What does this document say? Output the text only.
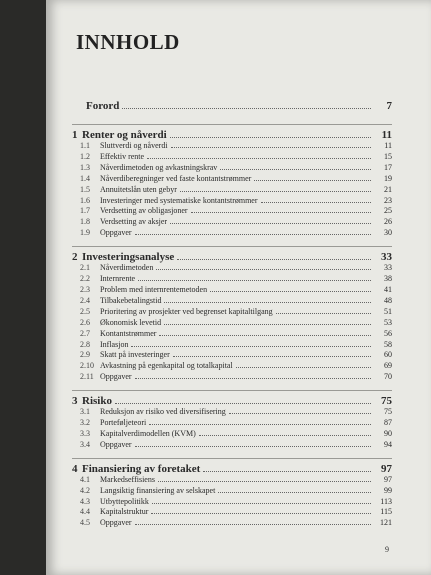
INNHOLD
Forord	7
1 Renter og nåverdi	11
1.1	Sluttverdi og nåverdi	11
1.2	Effektiv rente	15
1.3	Nåverdimetoden og avkastningskrav	17
1.4	Nåverdiberegninger ved faste kontantstrømmer	19
1.5	Annuitetslån uten gebyr	21
1.6	Investeringer med systematiske kontantstrømmer	23
1.7	Verdsetting av obligasjoner	25
1.8	Verdsetting av aksjer	26
1.9	Oppgaver	30
2 Investeringsanalyse	33
2.1	Nåverdimetoden	33
2.2	Internrente	38
2.3	Problem med internrentemetoden	41
2.4	Tilbakebetalingstid	48
2.5	Prioritering av prosjekter ved begrenset kapitaltilgang	51
2.6	Økonomisk levetid	53
2.7	Kontantstrømmer	56
2.8	Inflasjon	58
2.9	Skatt på investeringer	60
2.10 Avkastning på egenkapital og totalkapital	69
2.11 Oppgaver	70
3 Risiko	75
3.1	Reduksjon av risiko ved diversifisering	75
3.2	Porteføljeteori	87
3.3	Kapitalverdimodellen (KVM)	90
3.4	Oppgaver	94
4 Finansiering av foretaket	97
4.1	Markedseffisiens	97
4.2	Langsiktig finansiering av selskapet	99
4.3	Utbyttepolitikk	113
4.4	Kapitalstruktur	115
4.5	Oppgaver	121
9
